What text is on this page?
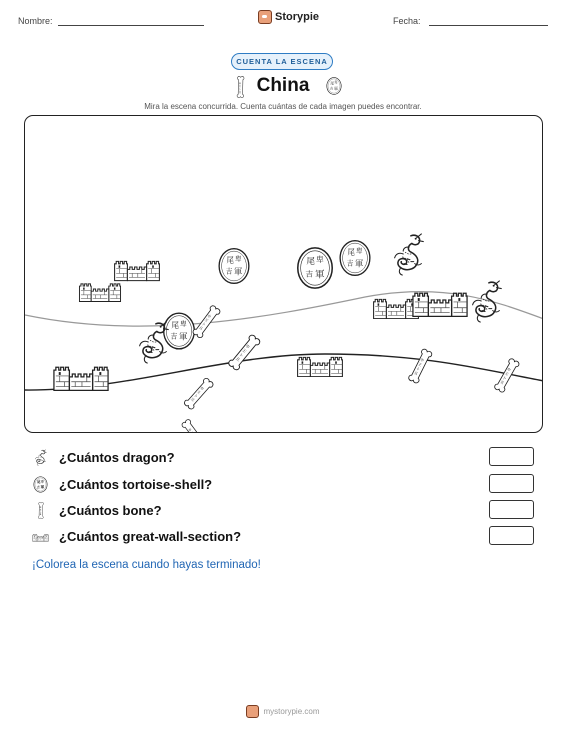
Nombre:	Storypie	Fecha:
CUENTA LA ESCENA
China
Mira la escena concurrida. Cuenta cuántas de cada imagen puedes encontrar.
¿Cuántos dragon?
¿Cuántos tortoise-shell?
¿Cuántos bone?
¿Cuántos great-wall-section?
¡Colorea la escena cuando hayas terminado!
mystorypie.com
